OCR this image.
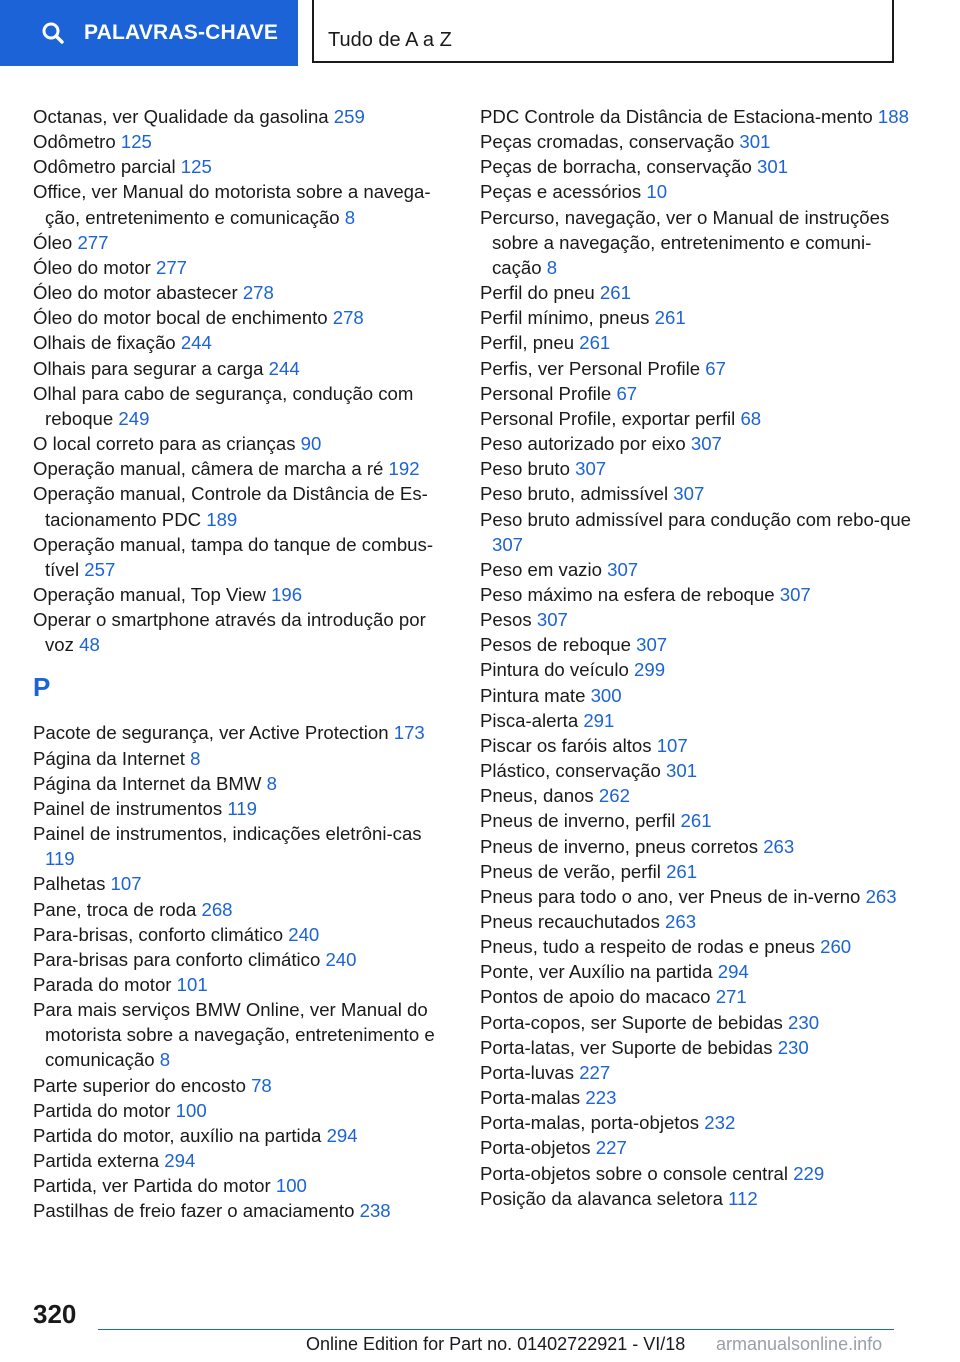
PALAVRAS-CHAVE	Tudo de A a Z
Octanas, ver Qualidade da gasolina 259
Odômetro 125
Odômetro parcial 125
Office, ver Manual do motorista sobre a navega-ção, entretenimento e comunicação 8
Óleo 277
Óleo do motor 277
Óleo do motor abastecer 278
Óleo do motor bocal de enchimento 278
Olhais de fixação 244
Olhais para segurar a carga 244
Olhal para cabo de segurança, condução com reboque 249
O local correto para as crianças 90
Operação manual, câmera de marcha a ré 192
Operação manual, Controle da Distância de Es-tacionamento PDC 189
Operação manual, tampa do tanque de combus-tível 257
Operação manual, Top View 196
Operar o smartphone através da introdução por voz 48
P
Pacote de segurança, ver Active Protection 173
Página da Internet 8
Página da Internet da BMW 8
Painel de instrumentos 119
Painel de instrumentos, indicações eletrôni-cas 119
Palhetas 107
Pane, troca de roda 268
Para-brisas, conforto climático 240
Para-brisas para conforto climático 240
Parada do motor 101
Para mais serviços BMW Online, ver Manual do motorista sobre a navegação, entretenimento e comunicação 8
Parte superior do encosto 78
Partida do motor 100
Partida do motor, auxílio na partida 294
Partida externa 294
Partida, ver Partida do motor 100
Pastilhas de freio fazer o amaciamento 238
PDC Controle da Distância de Estaciona-mento 188
Peças cromadas, conservação 301
Peças de borracha, conservação 301
Peças e acessórios 10
Percurso, navegação, ver o Manual de instruções sobre a navegação, entretenimento e comuni-cação 8
Perfil do pneu 261
Perfil mínimo, pneus 261
Perfil, pneu 261
Perfis, ver Personal Profile 67
Personal Profile 67
Personal Profile, exportar perfil 68
Peso autorizado por eixo 307
Peso bruto 307
Peso bruto, admissível 307
Peso bruto admissível para condução com rebo-que 307
Peso em vazio 307
Peso máximo na esfera de reboque 307
Pesos 307
Pesos de reboque 307
Pintura do veículo 299
Pintura mate 300
Pisca-alerta 291
Piscar os faróis altos 107
Plástico, conservação 301
Pneus, danos 262
Pneus de inverno, perfil 261
Pneus de inverno, pneus corretos 263
Pneus de verão, perfil 261
Pneus para todo o ano, ver Pneus de in-verno 263
Pneus recauchutados 263
Pneus, tudo a respeito de rodas e pneus 260
Ponte, ver Auxílio na partida 294
Pontos de apoio do macaco 271
Porta-copos, ser Suporte de bebidas 230
Porta-latas, ver Suporte de bebidas 230
Porta-luvas 227
Porta-malas 223
Porta-malas, porta-objetos 232
Porta-objetos 227
Porta-objetos sobre o console central 229
Posição da alavanca seletora 112
320
Online Edition for Part no. 01402722921 - VI/18 armanualsonline.info
